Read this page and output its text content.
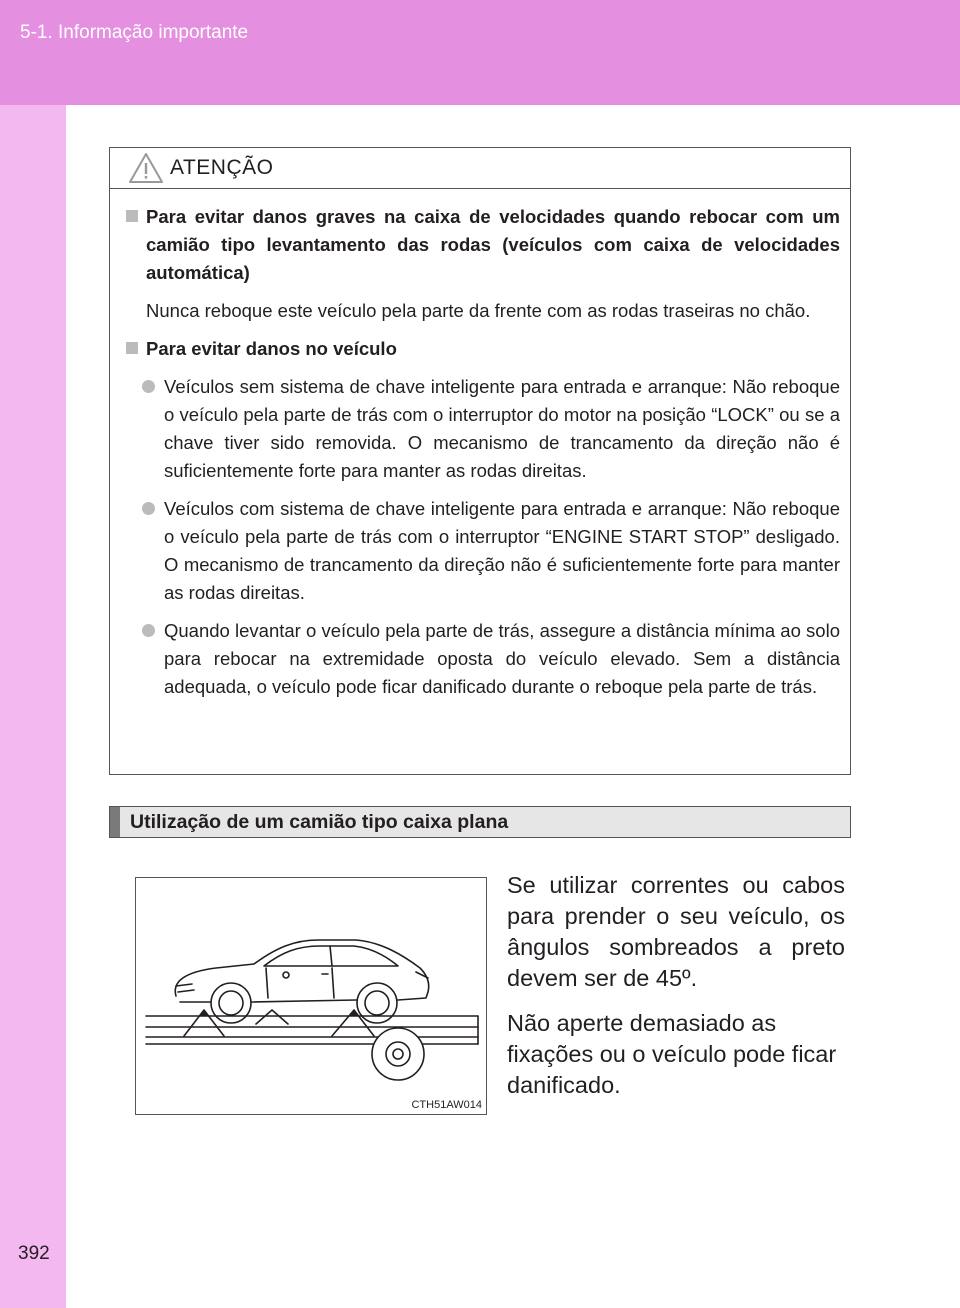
5-1. Informação importante
392
ATENÇÃO
Para evitar danos graves na caixa de velocidades quando rebocar com um camião tipo levantamento das rodas (veículos com caixa de velocidades automática)

Nunca reboque este veículo pela parte da frente com as rodas traseiras no chão.

Para evitar danos no veículo
Veículos sem sistema de chave inteligente para entrada e arranque: Não reboque o veículo pela parte de trás com o interruptor do motor na posição “LOCK” ou se a chave tiver sido removida. O mecanismo de trancamento da direção não é suficientemente forte para manter as rodas direitas.
Veículos com sistema de chave inteligente para entrada e arranque: Não reboque o veículo pela parte de trás com o interruptor “ENGINE START STOP” desligado. O mecanismo de trancamento da direção não é suficientemente forte para manter as rodas direitas.
Quando levantar o veículo pela parte de trás, assegure a distância mínima ao solo para rebocar na extremidade oposta do veículo elevado. Sem a distância adequada, o veículo pode ficar danificado durante o reboque pela parte de trás.
Utilização de um camião tipo caixa plana
CTH51AW014

Se utilizar correntes ou cabos para prender o seu veículo, os ângulos sombreados a preto devem ser de 45º.

Não aperte demasiado as fixações ou o veículo pode ficar danificado.
